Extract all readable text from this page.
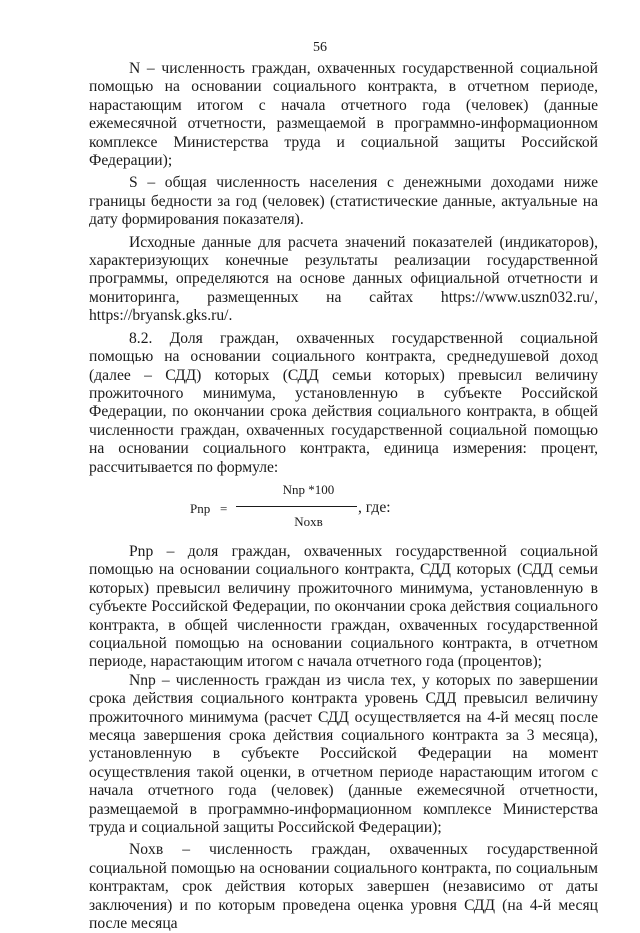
56

N – численность граждан, охваченных государственной социальной помощью на основании социального контракта, в отчетном периоде, нарастающим итогом с начала отчетного года (человек) (данные ежемесячной отчетности, размещаемой в программно-информационном комплексе Министерства труда и социальной защиты Российской Федерации);

S – общая численность населения с денежными доходами ниже границы бедности за год (человек) (статистические данные, актуальные на дату формирования показателя).

Исходные данные для расчета значений показателей (индикаторов), характеризующих конечные результаты реализации государственной программы, определяются на основе данных официальной отчетности и мониторинга, размещенных на сайтах https://www.uszn032.ru/, https://bryansk.gks.ru/.

8.2. Доля граждан, охваченных государственной социальной помощью на основании социального контракта, среднедушевой доход (далее – СДД) которых (СДД семьи которых) превысил величину прожиточного минимума, установленную в субъекте Российской Федерации, по окончании срока действия социального контракта, в общей численности граждан, охваченных государственной социальной помощью на основании социального контракта, единица измерения: процент, рассчитывается по формуле:

Pnp =
Nnp *100
Noxв
, где:

Pnp – доля граждан, охваченных государственной социальной помощью на основании социального контракта, СДД которых (СДД семьи которых) превысил величину прожиточного минимума, установленную в субъекте Российской Федерации, по окончании срока действия социального контракта, в общей численности граждан, охваченных государственной социальной помощью на основании социального контракта, в отчетном периоде, нарастающим итогом с начала отчетного года (процентов);

Nnp – численность граждан из числа тех, у которых по завершении срока действия социального контракта уровень СДД превысил величину прожиточного минимума (расчет СДД осуществляется на 4-й месяц после месяца завершения срока действия социального контракта за 3 месяца), установленную в субъекте Российской Федерации на момент осуществления такой оценки, в отчетном периоде нарастающим итогом с начала отчетного года (человек) (данные ежемесячной отчетности, размещаемой в программно-информационном комплексе Министерства труда и социальной защиты Российской Федерации);

Noxв – численность граждан, охваченных государственной социальной помощью на основании социального контракта, по социальным контрактам, срок действия которых завершен (независимо от даты заключения) и по которым проведена оценка уровня СДД (на 4-й месяц после месяца
